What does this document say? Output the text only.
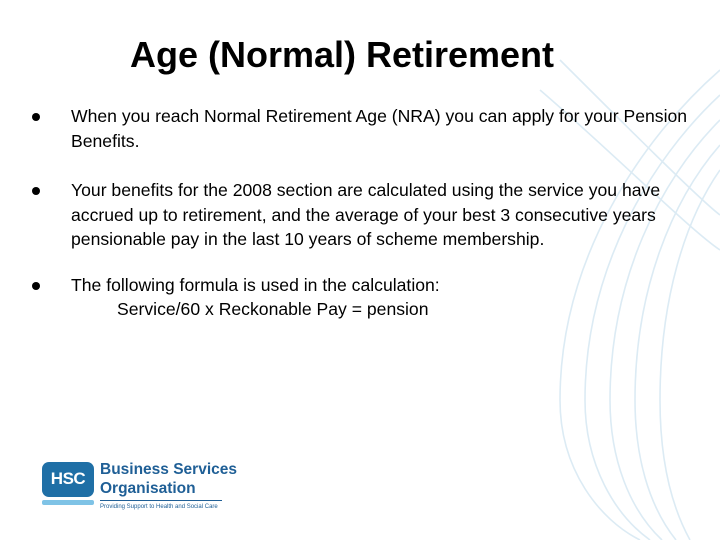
Age (Normal) Retirement
When you reach Normal Retirement Age (NRA) you can apply for your Pension Benefits.
Your benefits for the 2008 section are calculated using the service you have accrued up to retirement, and the average of your best 3 consecutive years pensionable pay in the last 10 years of scheme membership.
The following formula is used in the calculation:
Service/60 x Reckonable Pay = pension
HSC Business Services
Organisation
Providing Support to Health and Social Care
